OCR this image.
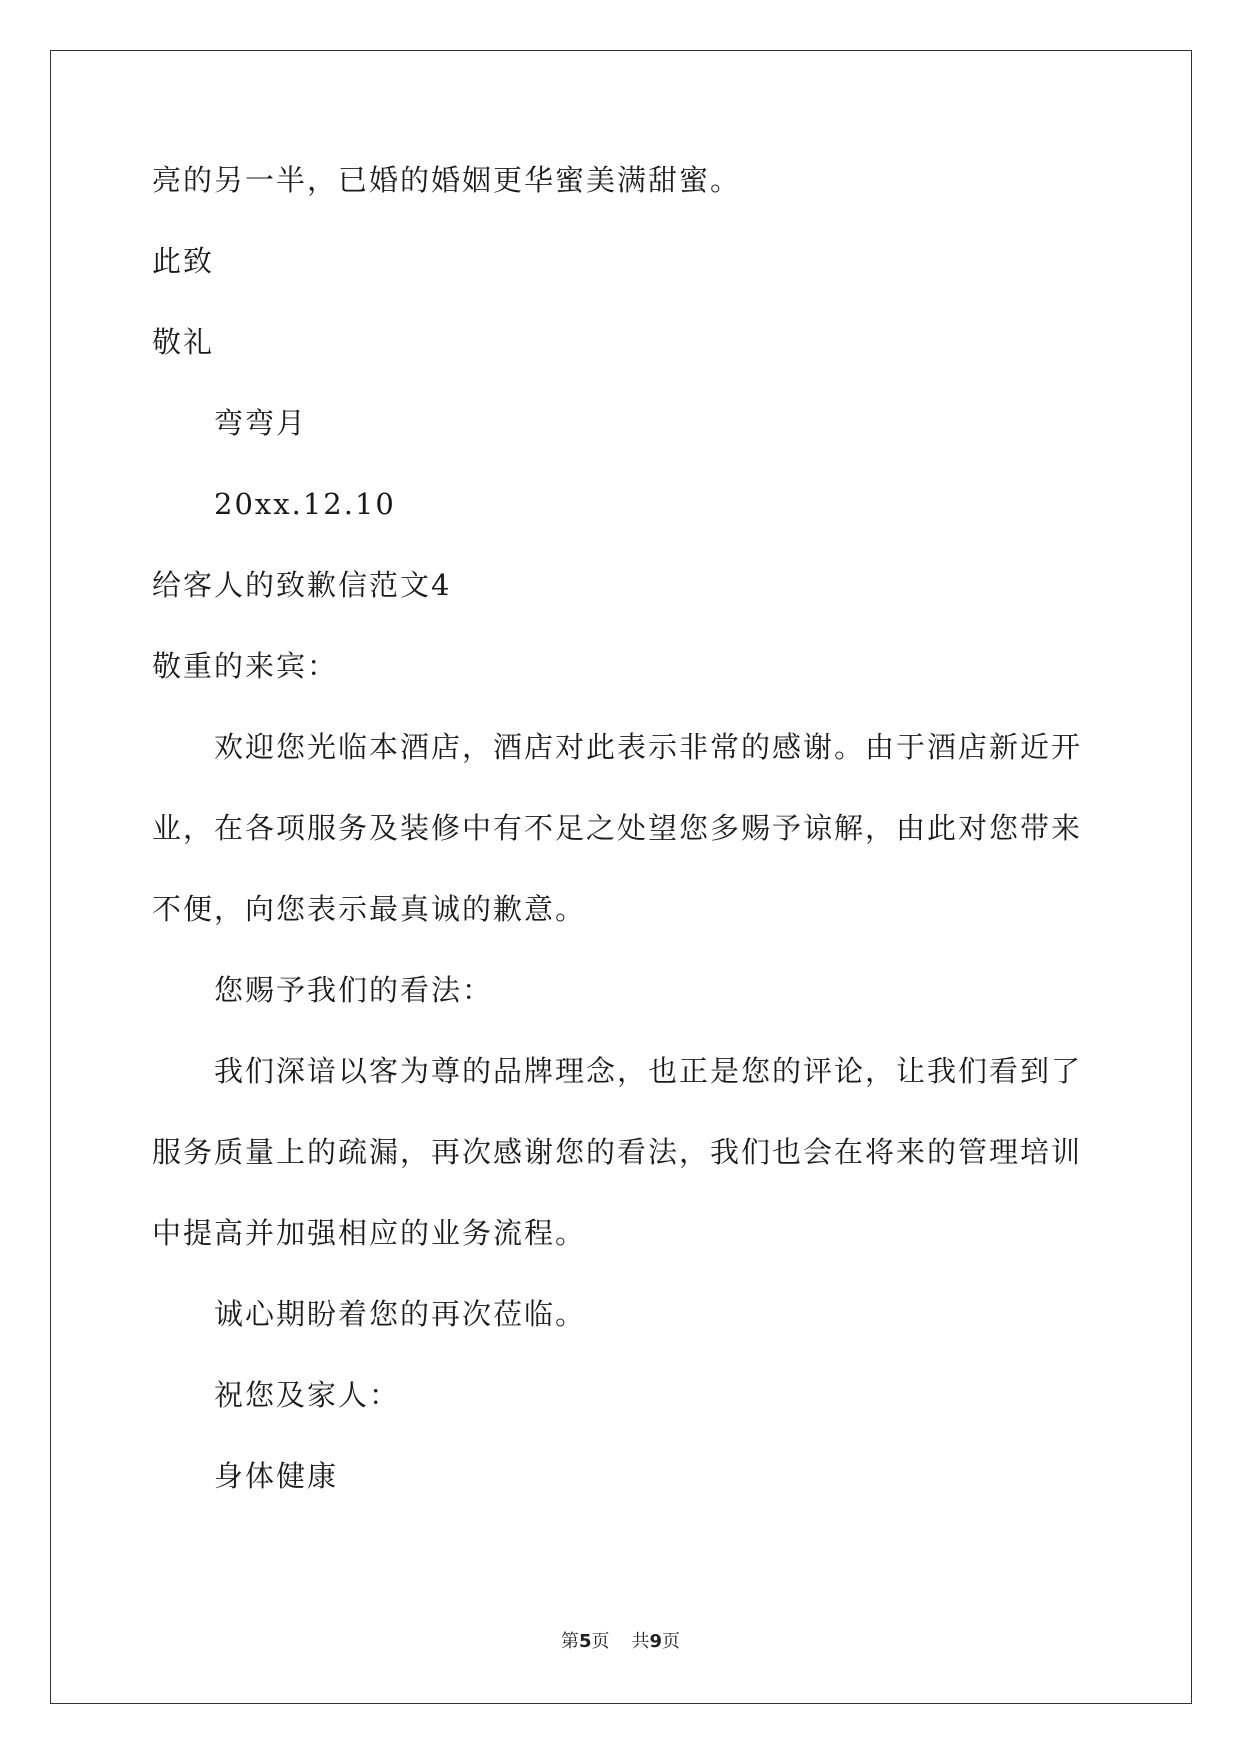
亮的另一半，已婚的婚姻更华蜜美满甜蜜。
此致
敬礼
弯弯月
20xx.12.10
给客人的致歉信范文4
敬重的来宾：
欢迎您光临本酒店，酒店对此表示非常的感谢。由于酒店新近开
业，在各项服务及装修中有不足之处望您多赐予谅解，由此对您带来
不便，向您表示最真诚的歉意。
您赐予我们的看法：
我们深谙以客为尊的品牌理念，也正是您的评论，让我们看到了
服务质量上的疏漏，再次感谢您的看法，我们也会在将来的管理培训
中提高并加强相应的业务流程。
诚心期盼着您的再次莅临。
祝您及家人：
身体健康
第5页 共9页
